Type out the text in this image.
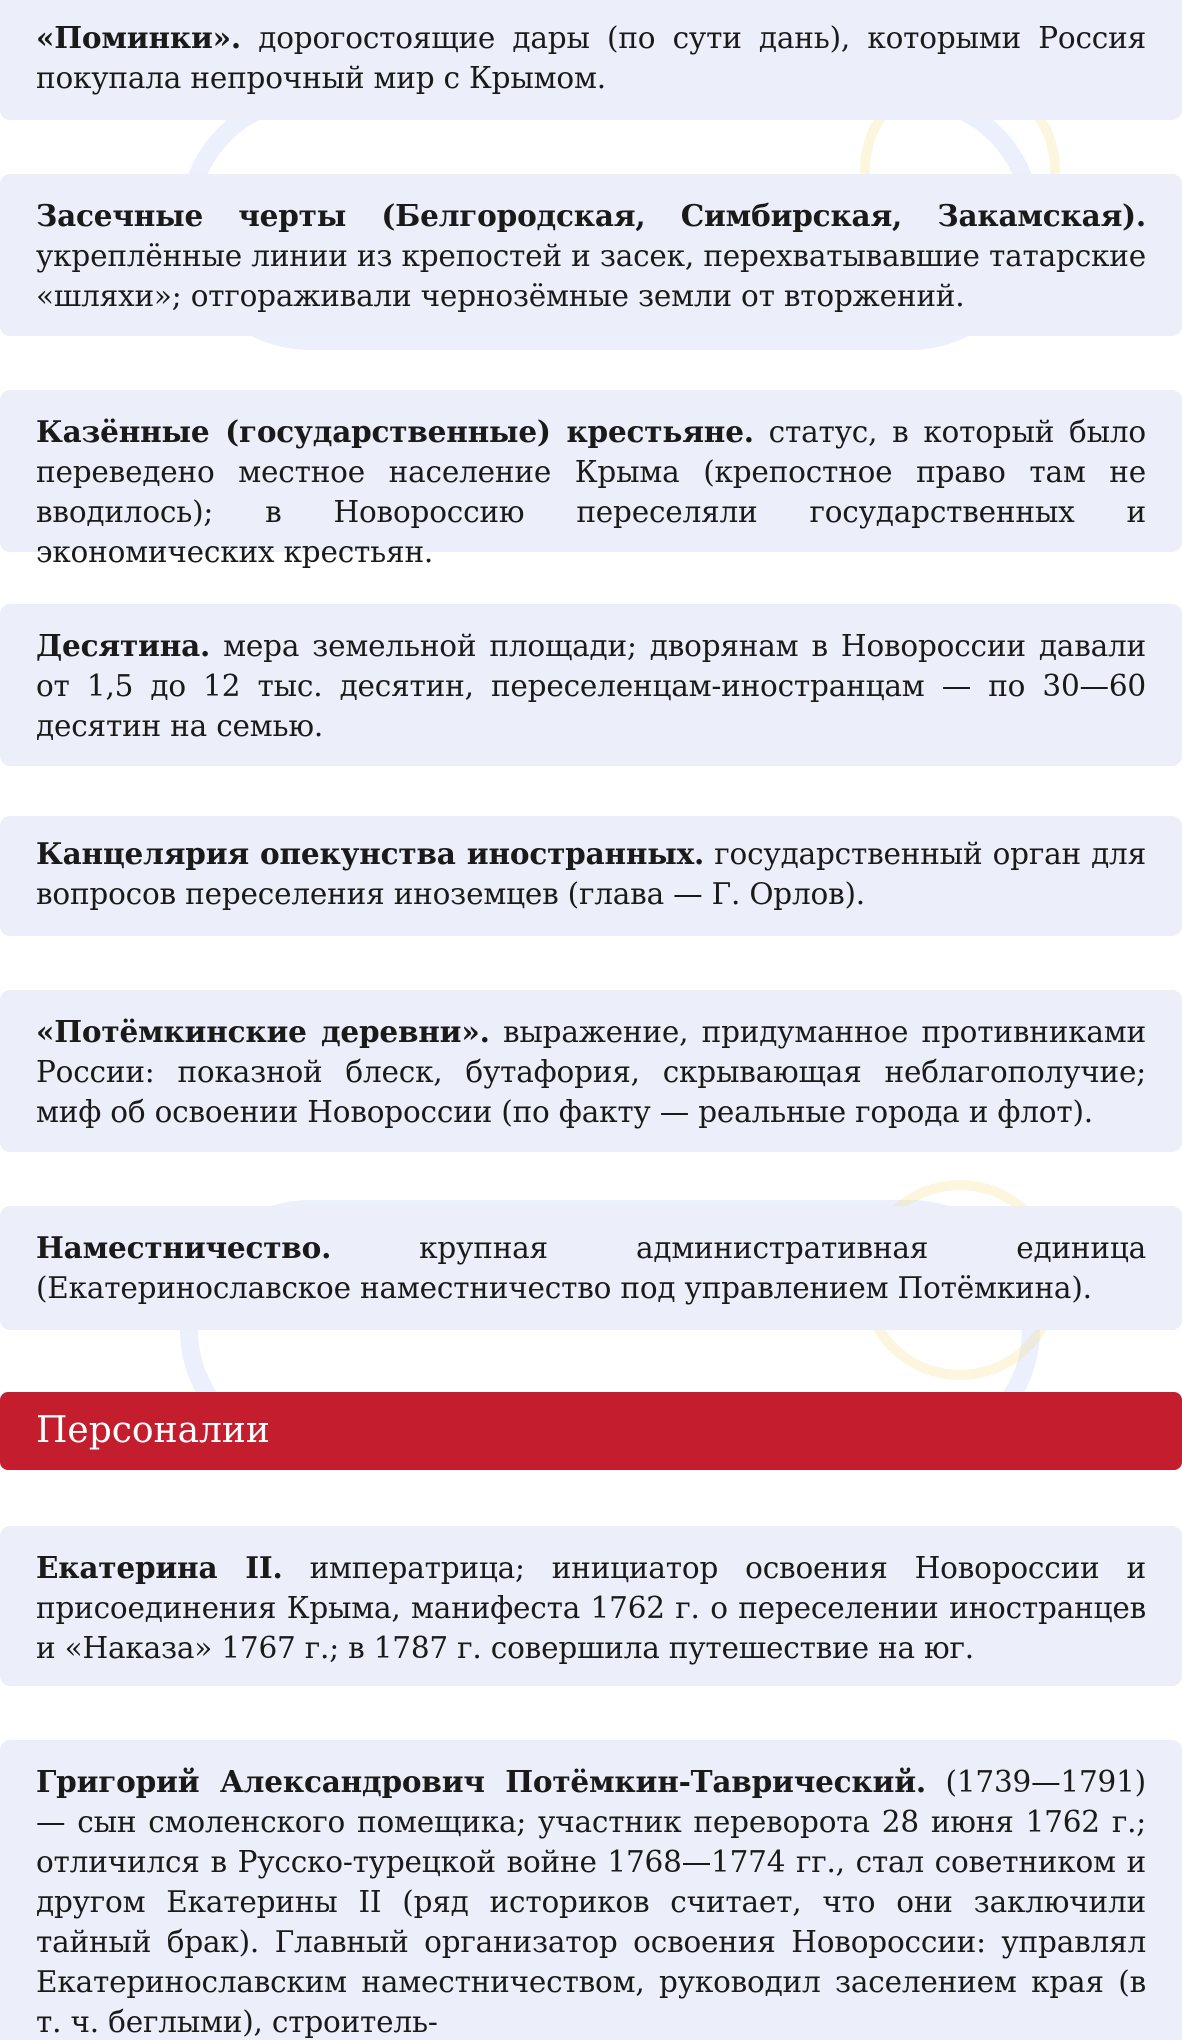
«Поминки». дорогостоящие дары (по сути дань), которыми Россия покупала непрочный мир с Крымом.

Засечные черты (Белгородская, Симбирская, Закамская). укреплённые линии из крепостей и засек, перехватывавшие татарские «шляхи»; отгораживали чернозёмные земли от вторжений.

Казённые (государственные) крестьяне. статус, в который было переведено местное население Крыма (крепостное право там не вводилось); в Новороссию переселяли государственных и экономических крестьян.

Десятина. мера земельной площади; дворянам в Новороссии давали от 1,5 до 12 тыс. десятин, переселенцам-иностранцам — по 30—60 десятин на семью.

Канцелярия опекунства иностранных. государственный орган для вопросов переселения иноземцев (глава — Г. Орлов).

«Потёмкинские деревни». выражение, придуманное противниками России: показной блеск, бутафория, скрывающая неблагополучие; миф об освоении Новороссии (по факту — реальные города и флот).

Наместничество. крупная административная единица (Екатеринославское наместничество под управлением Потёмкина).

Персоналии

Екатерина II. императрица; инициатор освоения Новороссии и присоединения Крыма, манифеста 1762 г. о переселении иностранцев и «Наказа» 1767 г.; в 1787 г. совершила путешествие на юг.

Григорий Александрович Потёмкин-Таврический. (1739—1791) — сын смоленского помещика; участник переворота 28 июня 1762 г.; отличился в Русско-турецкой войне 1768—1774 гг., стал советником и другом Екатерины II (ряд историков считает, что они заключили тайный брак). Главный организатор освоения Новороссии: управлял Екатеринославским наместничеством, руководил заселением края (в т. ч. беглыми), строитель-
